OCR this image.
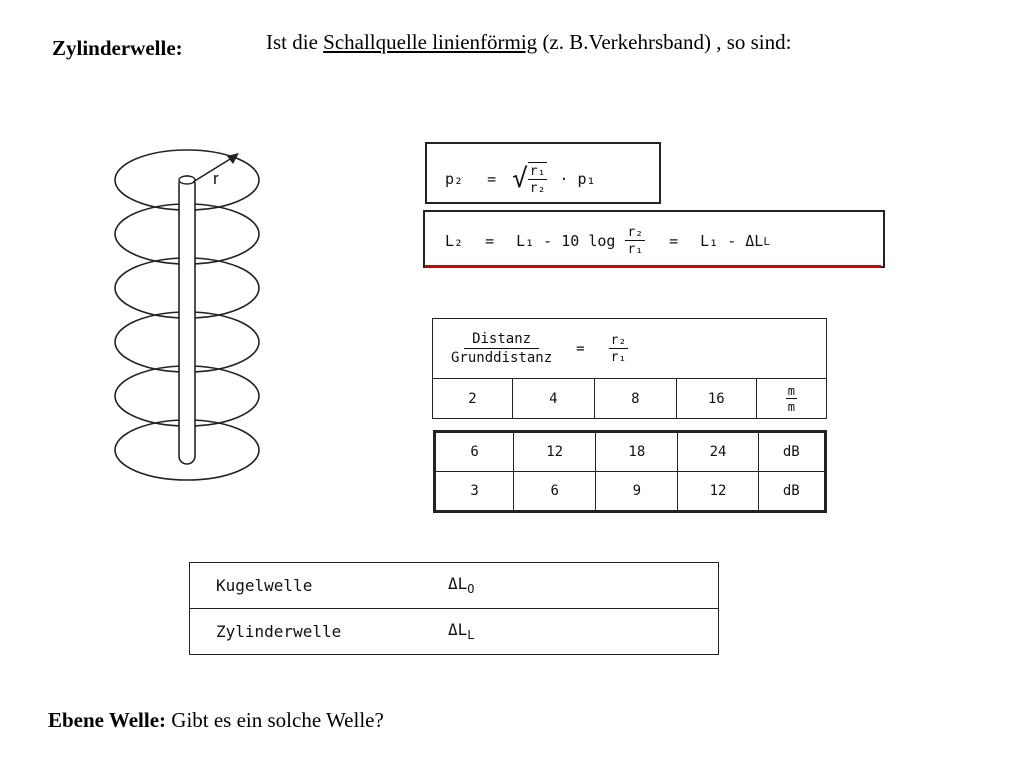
Zylinderwelle:	Ist die Schallquelle linienförmig (z. B.Verkehrsband) , so sind:
r	p₂ = √ $\frac{\text{r₁}}{\text{r₂}} \cdot p_1$
L₂ = L₁ - 10 $\log \frac{\text{r₂}}{\text{r₁}} = L_1 - \Delta L$ L
$\frac{\text{Distanz}}{\text{Grunddistanz}} = \frac{\text{r₂}}{\text{r₁}}$

2	4	8	16	$\frac{m}{m}$
6	12	18	24	dB
3	6	9	12	dB
Kugelwelle	$\Delta L_O$
Zylinderwelle	$\Delta L_L$
Ebene Welle: Gibt es ein solche Welle?
